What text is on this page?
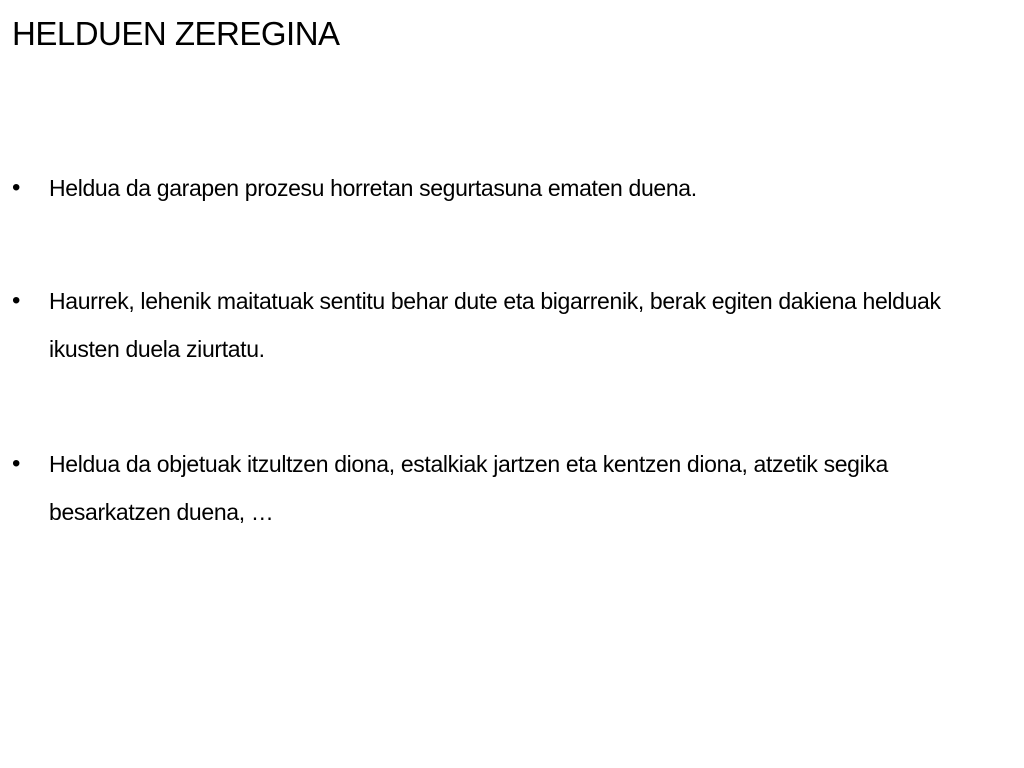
HELDUEN ZEREGINA
•	Heldua da garapen prozesu horretan segurtasuna ematen duena.
•	Haurrek, lehenik maitatuak sentitu behar dute eta bigarrenik, berak egiten dakiena helduak ikusten duela ziurtatu.
•	Heldua da objetuak itzultzen diona, estalkiak jartzen eta kentzen diona, atzetik segika besarkatzen duena, …
